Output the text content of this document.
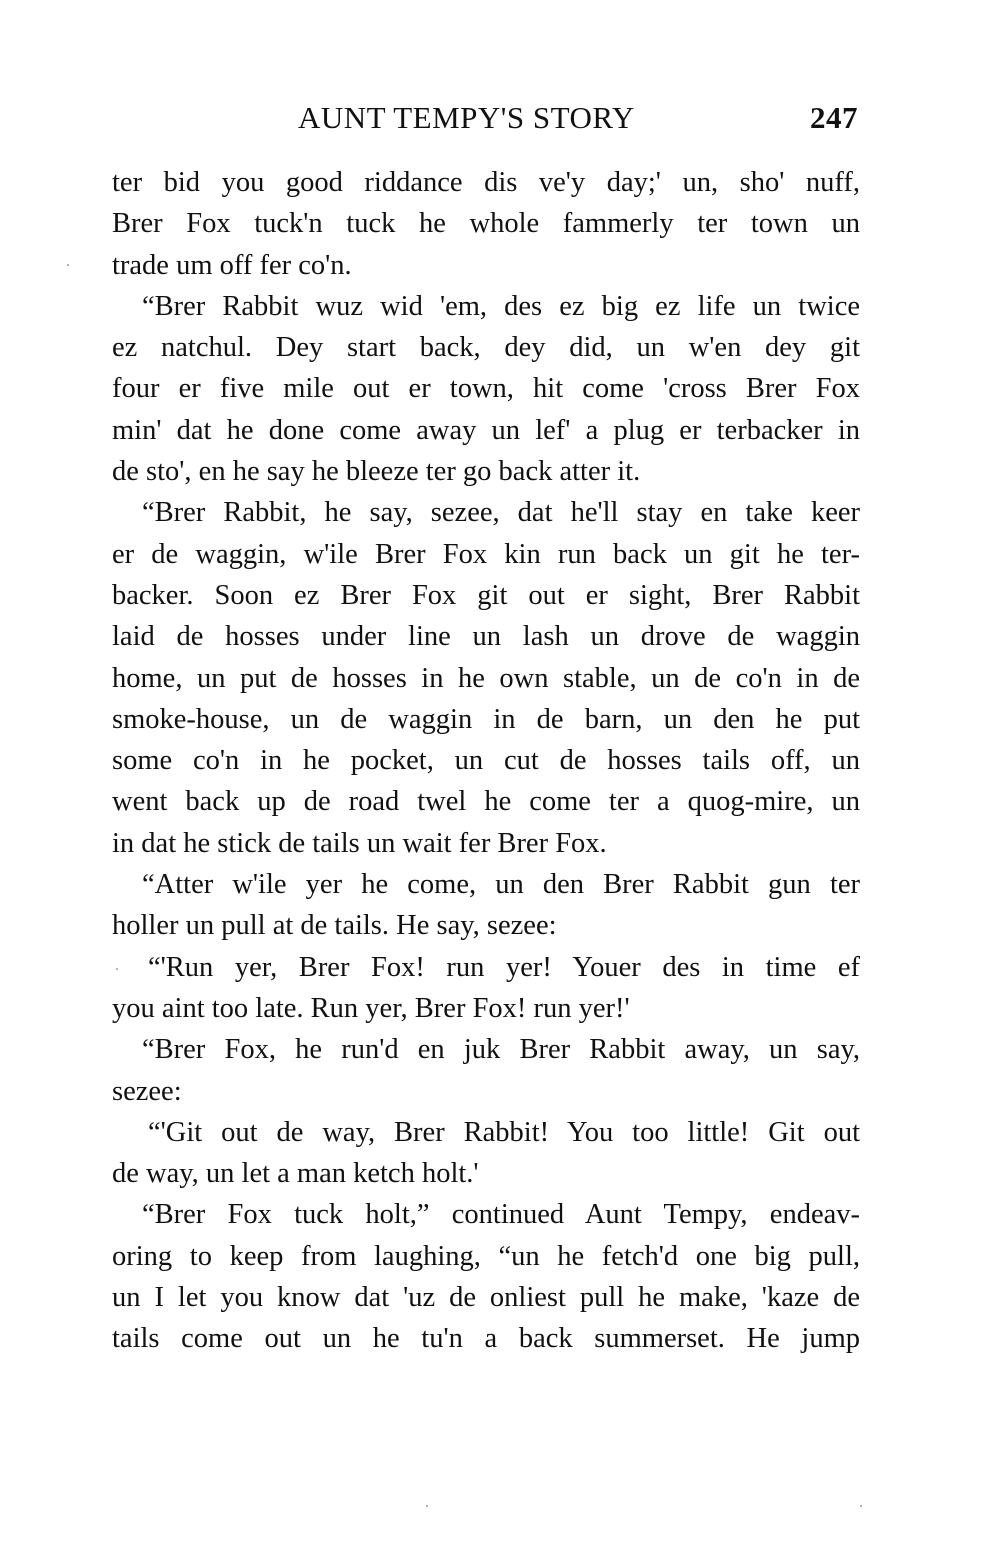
AUNT TEMPY'S STORY	247
ter bid you good riddance dis ve'y day;' un, sho' nuff,
Brer Fox tuck'n tuck he whole fammerly ter town un
trade um off fer co'n.
“Brer Rabbit wuz wid 'em, des ez big ez life un twice
ez natchul. Dey start back, dey did, un w'en dey git
four er five mile out er town, hit come 'cross Brer Fox
min' dat he done come away un lef' a plug er terbacker in
de sto', en he say he bleeze ter go back atter it.
“Brer Rabbit, he say, sezee, dat he'll stay en take keer
er de waggin, w'ile Brer Fox kin run back un git he ter-
backer. Soon ez Brer Fox git out er sight, Brer Rabbit
laid de hosses under line un lash un drove de waggin
home, un put de hosses in he own stable, un de co'n in de
smoke-house, un de waggin in de barn, un den he put
some co'n in he pocket, un cut de hosses tails off, un
went back up de road twel he come ter a quog-mire, un
in dat he stick de tails un wait fer Brer Fox.
“Atter w'ile yer he come, un den Brer Rabbit gun ter
holler un pull at de tails. He say, sezee:
“'Run yer, Brer Fox! run yer! Youer des in time ef
you aint too late. Run yer, Brer Fox! run yer!'
“Brer Fox, he run'd en juk Brer Rabbit away, un say,
sezee:
“'Git out de way, Brer Rabbit! You too little! Git out
de way, un let a man ketch holt.'
“Brer Fox tuck holt,” continued Aunt Tempy, endeav-
oring to keep from laughing, “un he fetch'd one big pull,
un I let you know dat 'uz de onliest pull he make, 'kaze de
tails come out un he tu'n a back summerset. He jump
